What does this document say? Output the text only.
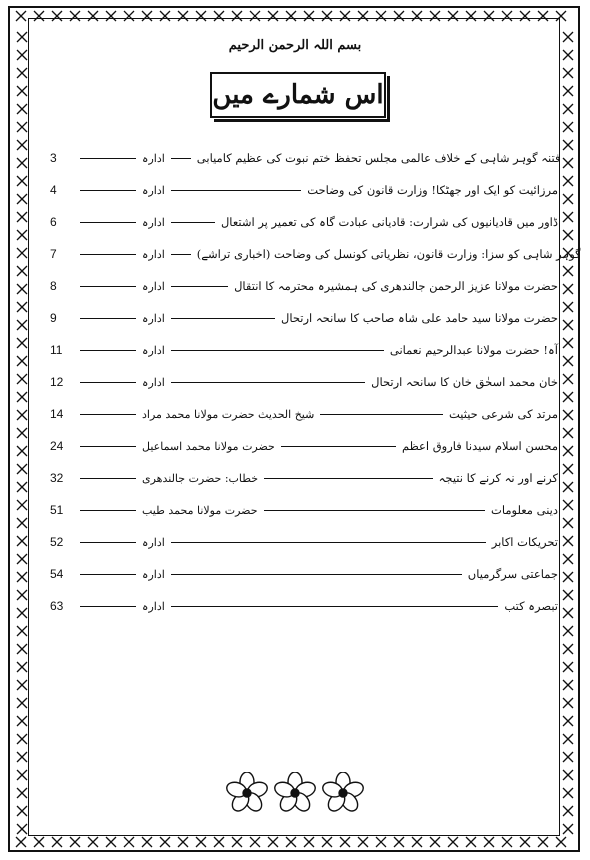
بسم اللہ الرحمن الرحیم
اس شمارے میں
3	ادارہ	فتنہ گوہر شاہی کے خلاف عالمی مجلس تحفظ ختم نبوت کی عظیم کامیابی
4	ادارہ	مرزائیت کو ایک اور جھٹکا! وزارت قانون کی وضاحت
6	ادارہ	ڈاور میں قادیانیوں کی شرارت: قادیانی عبادت گاہ کی تعمیر پر اشتعال
7	ادارہ	گوہر شاہی کو سزا: وزارت قانون، نظریاتی کونسل کی وضاحت (اخباری تراشے)
8	ادارہ	حضرت مولانا عزیز الرحمن جالندھری کی ہمشیرہ محترمہ کا انتقال
9	ادارہ	حضرت مولانا سید حامد علی شاہ صاحب کا سانحہ ارتحال
11	ادارہ	آہ! حضرت مولانا عبدالرحیم نعمانی
12	ادارہ	خان محمد اسحٰق خان کا سانحہ ارتحال
14	شیخ الحدیث حضرت مولانا محمد مراد	مرتد کی شرعی حیثیت
24	حضرت مولانا محمد اسماعیل	محسن اسلام سیدنا فاروق اعظم
32	خطاب: حضرت جالندھری	کرنے اور نہ کرنے کا نتیجہ
51	حضرت مولانا محمد طیب	دینی معلومات
52	ادارہ	تحریکات اکابر
54	ادارہ	جماعتی سرگرمیاں
63	ادارہ	تبصرہ کتب
